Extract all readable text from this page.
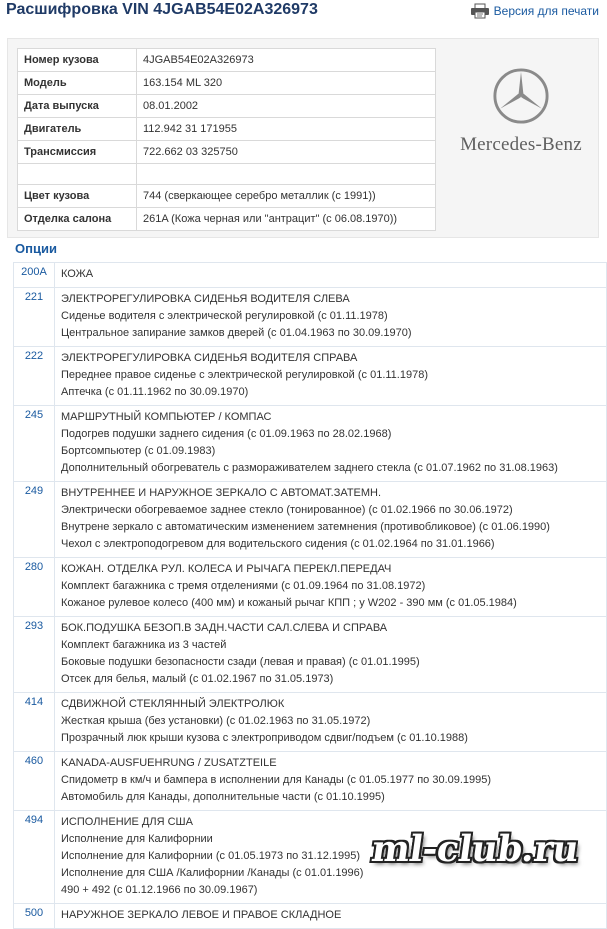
Расшифровка VIN 4JGAB54E02A326973	Версия для печати
Номер кузова	4JGAB54E02A326973
Модель	163.154 ML 320
Дата выпуска	08.01.2002
Двигатель	112.942 31 171955
Трансмиссия	722.662 03 325750

Цвет кузова	744 (сверкающее серебро металлик (с 1991))
Отделка салона	261A (Кожа черная или "антрацит" (с 06.08.1970))
Mercedes-Benz
Опции
200A	КОЖА

221	ЭЛЕКТРОРЕГУЛИРОВКА СИДЕНЬЯ ВОДИТЕЛЯ СЛЕВА
Сиденье водителя с электрической регулировкой (с 01.11.1978)
Центральное запирание замков дверей (с 01.04.1963 по 30.09.1970)

222	ЭЛЕКТРОРЕГУЛИРОВКА СИДЕНЬЯ ВОДИТЕЛЯ СПРАВА
Переднее правое сиденье с электрической регулировкой (с 01.11.1978)
Аптечка (с 01.11.1962 по 30.09.1970)

245	МАРШРУТНЫЙ КОМПЬЮТЕР / КОМПАС
Подогрев подушки заднего сидения (с 01.09.1963 по 28.02.1968)
Бортcомпьютер (с 01.09.1983)
Дополнительный обогреватель с размораживателем заднего стекла (с 01.07.1962 по 31.08.1963)

249	ВНУТРЕННЕЕ И НАРУЖНОЕ ЗЕРКАЛО С АВТОМАТ.ЗАТЕМН.
Электрически обогреваемое заднее стекло (тонированное) (с 01.02.1966 по 30.06.1972)
Внутрене зеркало с автоматическим изменением затемнения (противобликовое) (с 01.06.1990)
Чехол с электроподогревом для водительского сидения (с 01.02.1964 по 31.01.1966)

280	КОЖАН. ОТДЕЛКА РУЛ. КОЛЕСА И РЫЧАГА ПЕРЕКЛ.ПЕРЕДАЧ
Комплект багажника с тремя отделениями (с 01.09.1964 по 31.08.1972)
Кожаное рулевое колесо (400 мм) и кожаный рычаг КПП ; у W202 - 390 мм (с 01.05.1984)

293	БОК.ПОДУШКА БЕЗОП.В ЗАДН.ЧАСТИ САЛ.СЛЕВА И СПРАВА
Комплект багажника из 3 частей
Боковые подушки безопасности сзади (левая и правая) (с 01.01.1995)
Отсек для белья, малый (с 01.02.1967 по 31.05.1973)

414	СДВИЖНОЙ СТЕКЛЯННЫЙ ЭЛЕКТРОЛЮК
Жесткая крыша (без установки) (с 01.02.1963 по 31.05.1972)
Прозрачный люк крыши кузова с электроприводом сдвиг/подъем (с 01.10.1988)

460	KANADA-AUSFUEHRUNG / ZUSATZTEILE
Спидометр в км/ч и бампера в исполнении для Канады (с 01.05.1977 по 30.09.1995)
Автомобиль для Канады, дополнительные части (с 01.10.1995)

494	ИСПОЛНЕНИЕ ДЛЯ США
Исполнение для Калифорнии
Исполнение для Калифорнии (с 01.05.1973 по 31.12.1995)
Исполнение для США /Калифорнии /Канады (с 01.01.1996)
490 + 492 (с 01.12.1966 по 30.09.1967)

500	НАРУЖНОЕ ЗЕРКАЛО ЛЕВОЕ И ПРАВОЕ СКЛАДНОЕ
ml-club.ru
